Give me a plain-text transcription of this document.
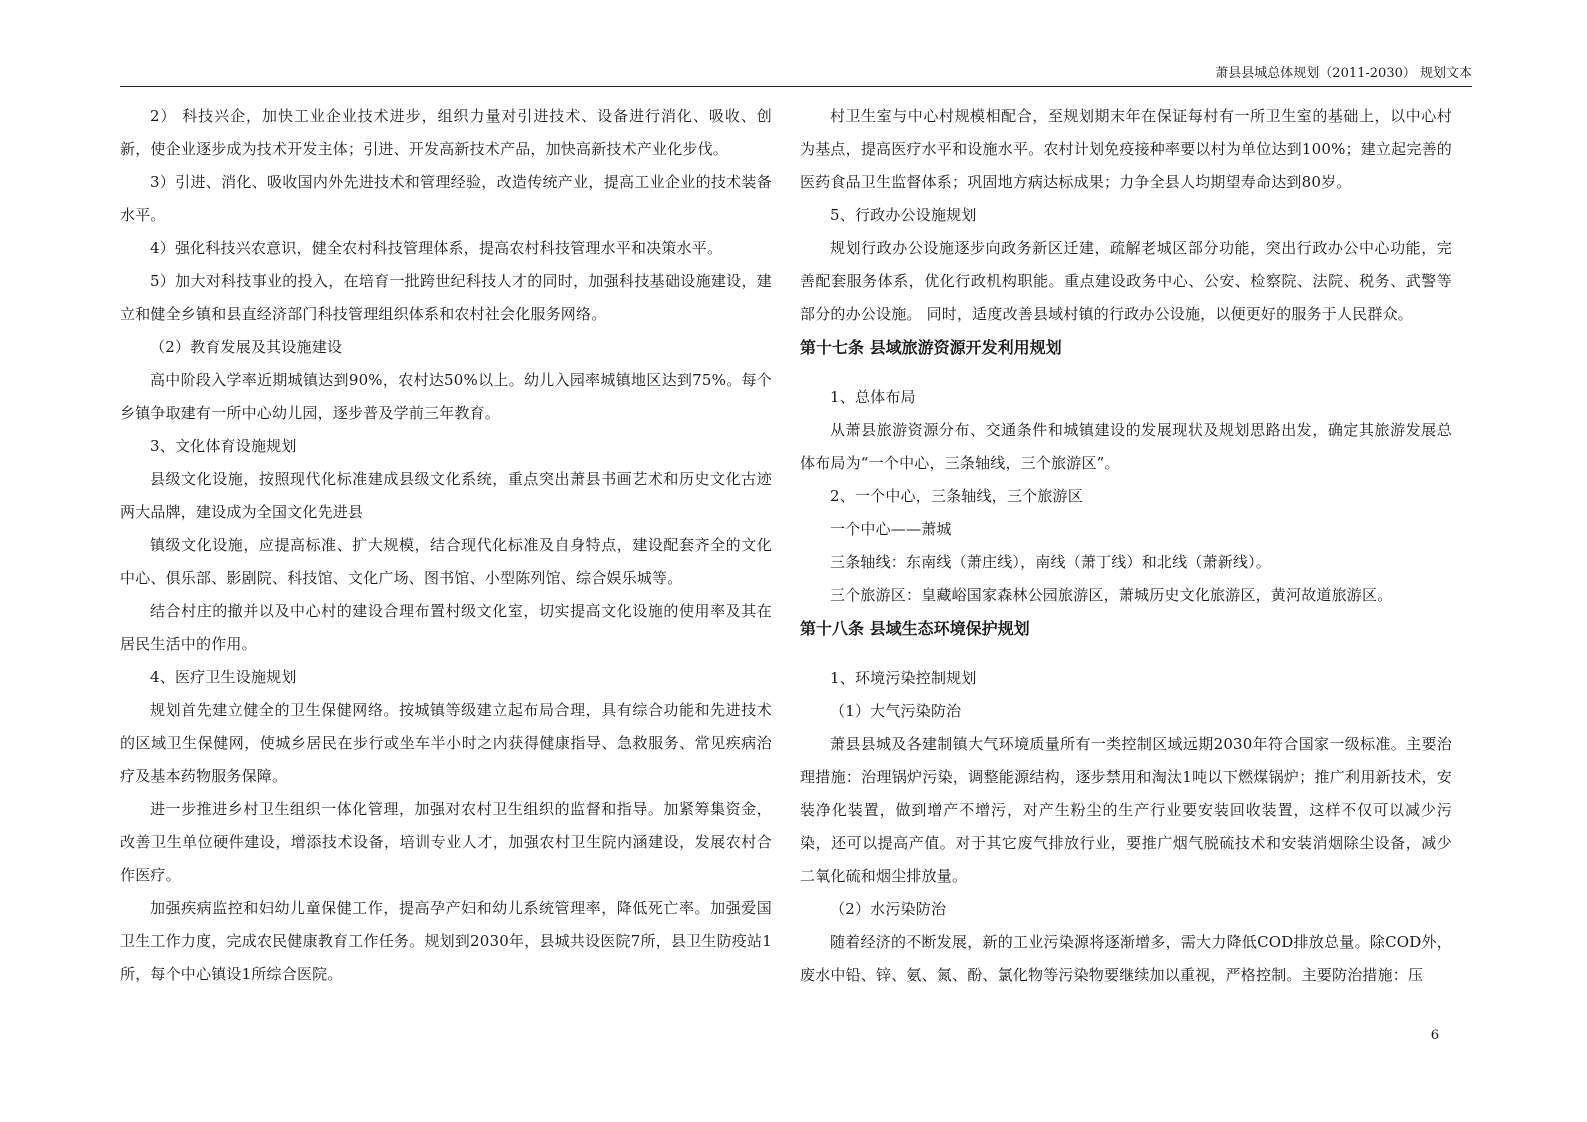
萧县县城总体规划（2011-2030） 规划文本

2） 科技兴企，加快工业企业技术进步，组织力量对引进技术、设备进行消化、吸收、创新，使企业逐步成为技术开发主体；引进、开发高新技术产品，加快高新技术产业化步伐。

3）引进、消化、吸收国内外先进技术和管理经验，改造传统产业，提高工业企业的技术装备水平。

4）强化科技兴农意识，健全农村科技管理体系，提高农村科技管理水平和决策水平。

5）加大对科技事业的投入，在培育一批跨世纪科技人才的同时，加强科技基础设施建设，建立和健全乡镇和县直经济部门科技管理组织体系和农村社会化服务网络。

（2）教育发展及其设施建设

高中阶段入学率近期城镇达到90%，农村达50%以上。幼儿入园率城镇地区达到75%。每个乡镇争取建有一所中心幼儿园，逐步普及学前三年教育。

3、文化体育设施规划

县级文化设施，按照现代化标准建成县级文化系统，重点突出萧县书画艺术和历史文化古迹两大品牌，建设成为全国文化先进县

镇级文化设施，应提高标准、扩大规模，结合现代化标准及自身特点，建设配套齐全的文化中心、俱乐部、影剧院、科技馆、文化广场、图书馆、小型陈列馆、综合娱乐城等。

结合村庄的撤并以及中心村的建设合理布置村级文化室，切实提高文化设施的使用率及其在居民生活中的作用。

4、医疗卫生设施规划

规划首先建立健全的卫生保健网络。按城镇等级建立起布局合理，具有综合功能和先进技术的区域卫生保健网，使城乡居民在步行或坐车半小时之内获得健康指导、急救服务、常见疾病治疗及基本药物服务保障。

进一步推进乡村卫生组织一体化管理，加强对农村卫生组织的监督和指导。加紧筹集资金，改善卫生单位硬件建设，增添技术设备，培训专业人才，加强农村卫生院内涵建设，发展农村合作医疗。

加强疾病监控和妇幼儿童保健工作，提高孕产妇和幼儿系统管理率，降低死亡率。加强爱国卫生工作力度，完成农民健康教育工作任务。规划到2030年，县城共设医院7所，县卫生防疫站1所，每个中心镇设1所综合医院。

村卫生室与中心村规模相配合，至规划期末年在保证每村有一所卫生室的基础上，以中心村为基点，提高医疗水平和设施水平。农村计划免疫接种率要以村为单位达到100%；建立起完善的医药食品卫生监督体系；巩固地方病达标成果；力争全县人均期望寿命达到80岁。

5、行政办公设施规划

规划行政办公设施逐步向政务新区迁建，疏解老城区部分功能，突出行政办公中心功能，完善配套服务体系，优化行政机构职能。重点建设政务中心、公安、检察院、法院、税务、武警等部分的办公设施。 同时，适度改善县域村镇的行政办公设施，以便更好的服务于人民群众。

第十七条 县域旅游资源开发利用规划

1、总体布局

从萧县旅游资源分布、交通条件和城镇建设的发展现状及规划思路出发，确定其旅游发展总体布局为“一个中心，三条轴线，三个旅游区”。

2、一个中心，三条轴线，三个旅游区

一个中心——萧城

三条轴线：东南线（萧庄线），南线（萧丁线）和北线（萧新线）。

三个旅游区：皇藏峪国家森林公园旅游区，萧城历史文化旅游区，黄河故道旅游区。

第十八条 县域生态环境保护规划

1、环境污染控制规划

（1）大气污染防治

萧县县城及各建制镇大气环境质量所有一类控制区域远期2030年符合国家一级标准。主要治理措施：治理锅炉污染，调整能源结构，逐步禁用和淘汰1吨以下燃煤锅炉；推广利用新技术，安装净化装置，做到增产不增污，对产生粉尘的生产行业要安装回收装置，这样不仅可以减少污染，还可以提高产值。对于其它废气排放行业，要推广烟气脱硫技术和安装消烟除尘设备，减少二氧化硫和烟尘排放量。

（2）水污染防治

随着经济的不断发展，新的工业污染源将逐渐增多，需大力降低COD排放总量。除COD外，废水中铅、锌、氨、氮、酚、氯化物等污染物要继续加以重视，严格控制。主要防治措施：压

6
